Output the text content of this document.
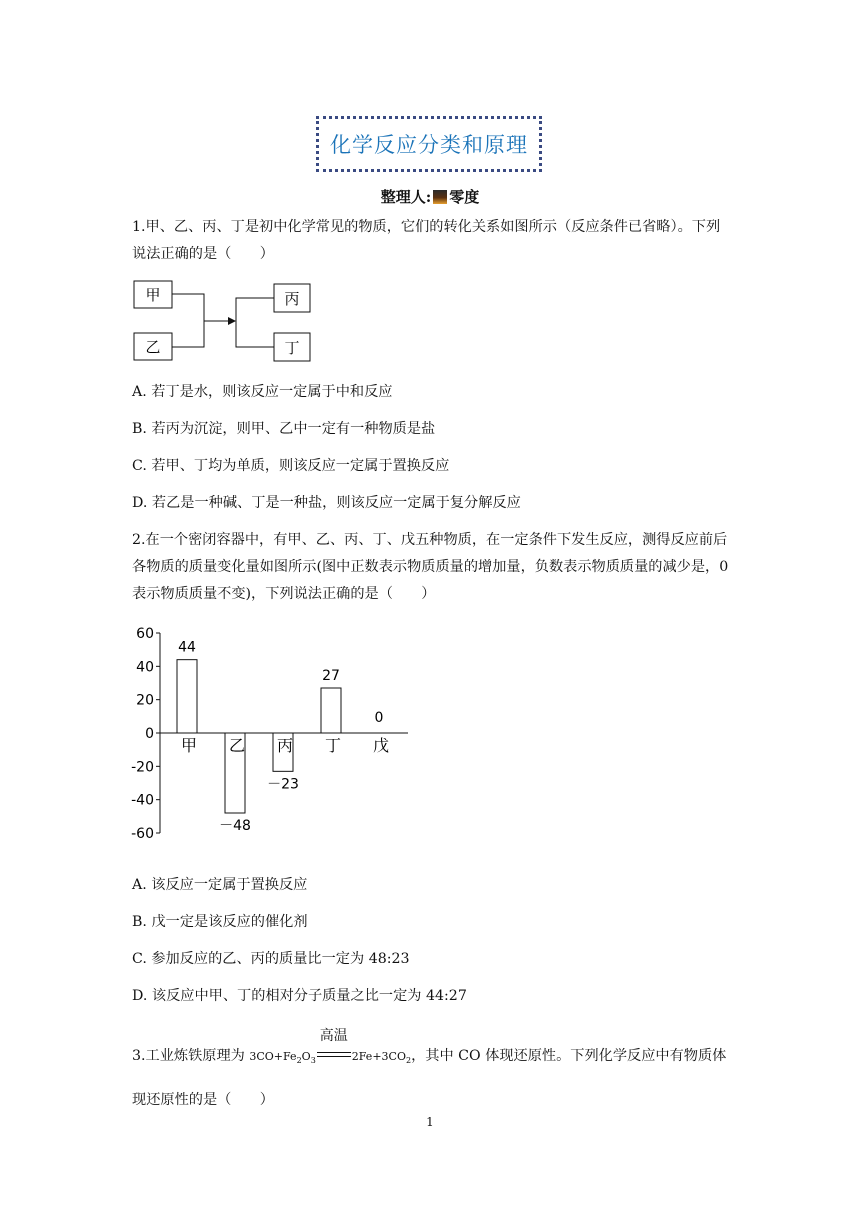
化学反应分类和原理
整理人: 零度
1.甲、乙、丙、丁是初中化学常见的物质，它们的转化关系如图所示（反应条件已省略）。下列说法正确的是（　　）
甲
乙
丙
丁
A. 若丁是水，则该反应一定属于中和反应
B. 若丙为沉淀，则甲、乙中一定有一种物质是盐
C. 若甲、丁均为单质，则该反应一定属于置换反应
D. 若乙是一种碱、丁是一种盐，则该反应一定属于复分解反应
2.在一个密闭容器中，有甲、乙、丙、丁、戊五种物质，在一定条件下发生反应，测得反应前后各物质的质量变化量如图所示(图中正数表示物质质量的增加量，负数表示物质质量的减少是，0 表示物质质量不变)，下列说法正确的是（　　）
60
40
20
0
-20
-40
-60
甲
44
乙
－48
丙
－23
丁
27
戊
0
A. 该反应一定属于置换反应
B. 戊一定是该反应的催化剂
C. 参加反应的乙、丙的质量比一定为 48:23
D. 该反应中甲、丁的相对分子质量之比一定为 44:27
3.工业炼铁原理为 $3CO+Fe_2O_3$
高温
$2Fe+3CO_2$，其中 CO 体现还原性。下列化学反应中有物质体
现还原性的是（　　）
1
